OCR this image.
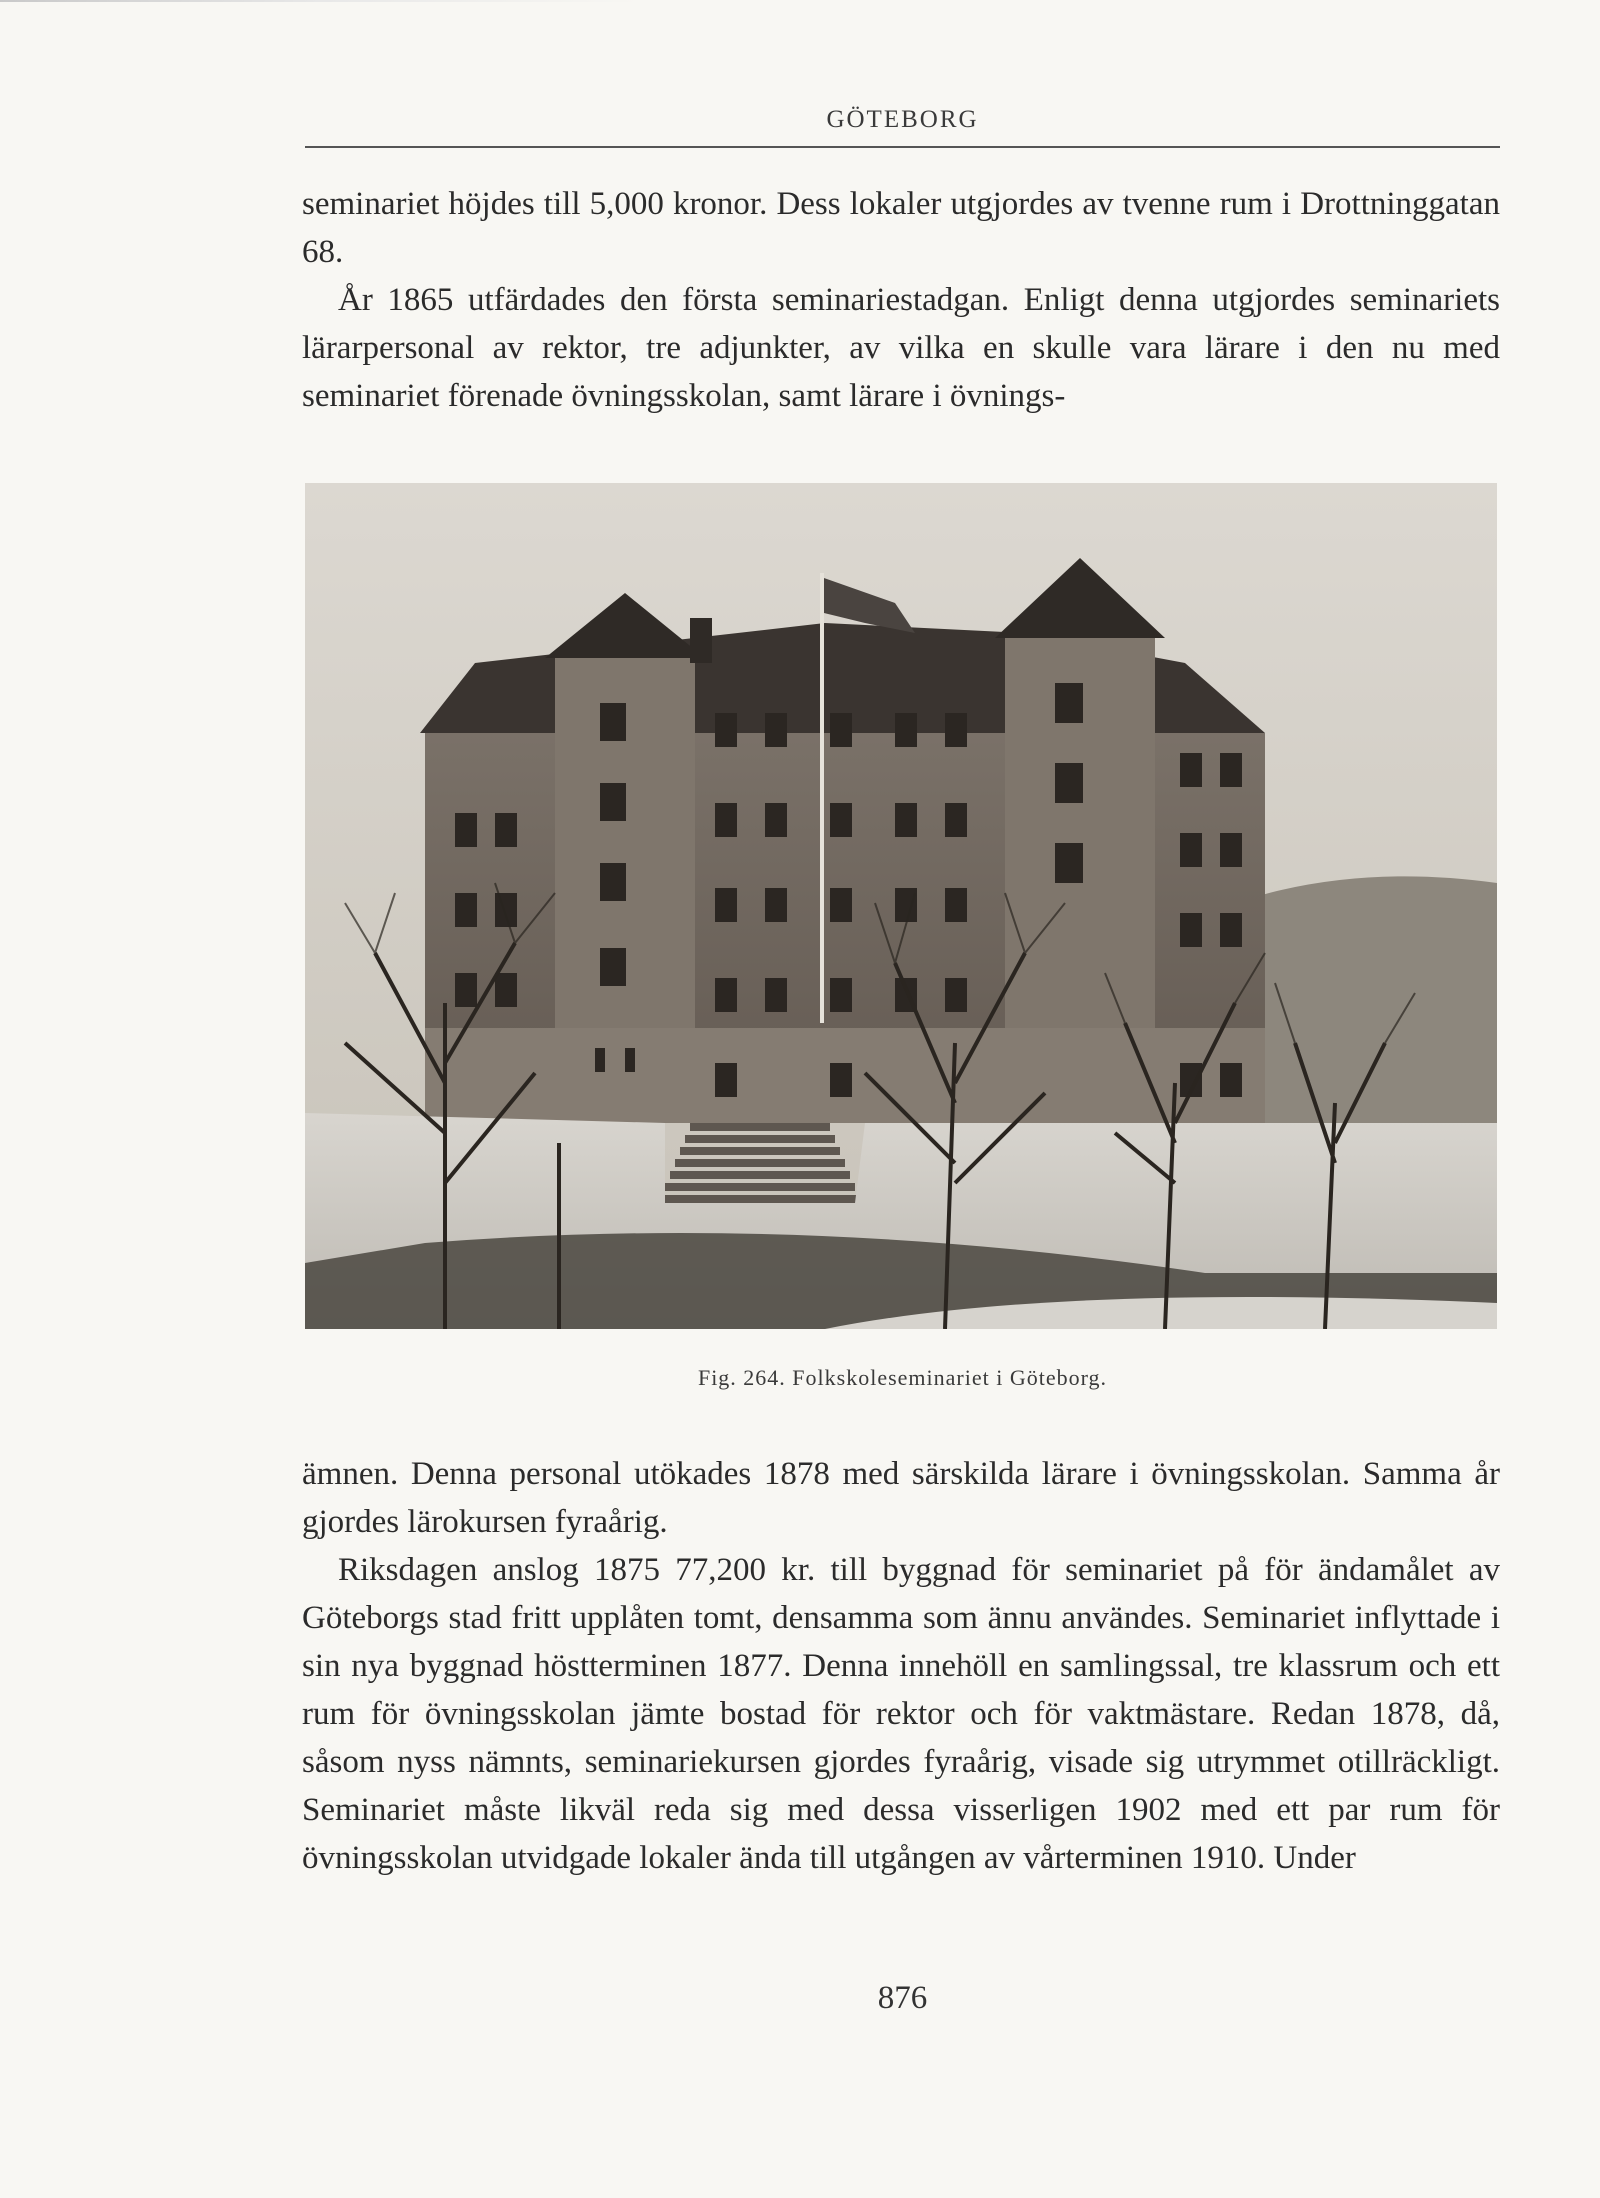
GÖTEBORG

seminariet höjdes till 5,000 kronor. Dess lokaler utgjordes av tvenne rum i Drottninggatan 68.

År 1865 utfärdades den första seminariestadgan. Enligt denna utgjordes seminariets lärarpersonal av rektor, tre adjunkter, av vilka en skulle vara lärare i den nu med seminariet förenade övningsskolan, samt lärare i övnings-

Fig. 264. Folkskoleseminariet i Göteborg.

ämnen. Denna personal utökades 1878 med särskilda lärare i övningsskolan. Samma år gjordes lärokursen fyraårig.

Riksdagen anslog 1875 77,200 kr. till byggnad för seminariet på för ändamålet av Göteborgs stad fritt upplåten tomt, densamma som ännu användes. Seminariet inflyttade i sin nya byggnad höstterminen 1877. Denna innehöll en samlingssal, tre klassrum och ett rum för övningsskolan jämte bostad för rektor och för vaktmästare. Redan 1878, då, såsom nyss nämnts, seminariekursen gjordes fyraårig, visade sig utrymmet otillräckligt. Seminariet måste likväl reda sig med dessa visserligen 1902 med ett par rum för övningsskolan utvidgade lokaler ända till utgången av vårterminen 1910. Under

876
